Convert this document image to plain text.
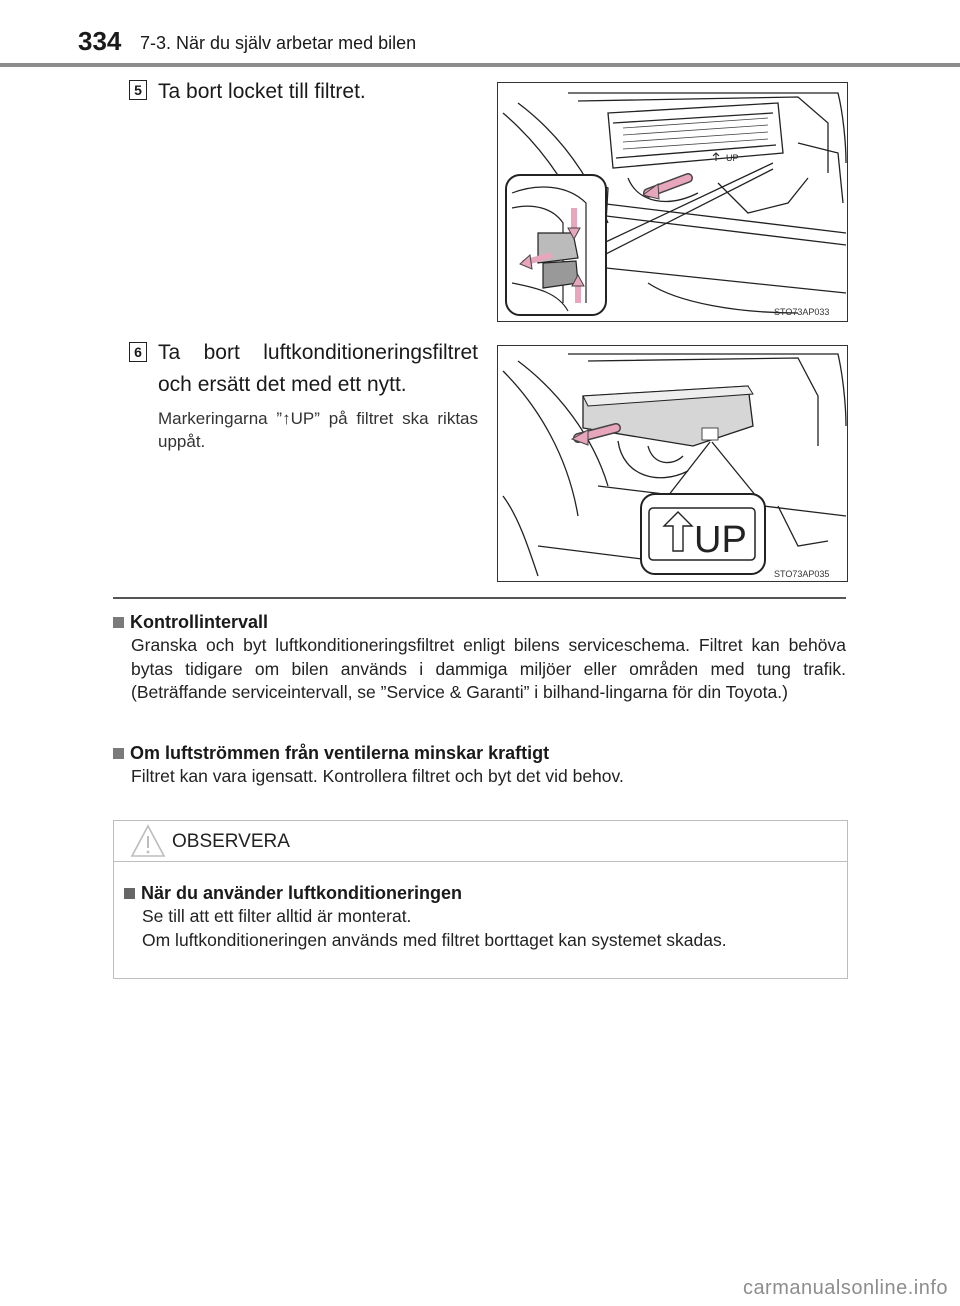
334 7-3. När du själv arbetar med bilen
5 Ta bort locket till filtret.
UP
STO73AP033
6 Ta bort luftkonditioneringsfiltret och ersätt det med ett nytt.
Markeringarna ”↑UP” på filtret ska riktas uppåt.
UP
STO73AP035
Kontrollintervall
Granska och byt luftkonditioneringsfiltret enligt bilens serviceschema. Filtret kan behöva bytas tidigare om bilen används i dammiga miljöer eller områden med tung trafik. (Beträffande serviceintervall, se ”Service & Garanti” i bilhand-lingarna för din Toyota.)
Om luftströmmen från ventilerna minskar kraftigt
Filtret kan vara igensatt. Kontrollera filtret och byt det vid behov.
OBSERVERA
När du använder luftkonditioneringen
Se till att ett filter alltid är monterat.
Om luftkonditioneringen används med filtret borttaget kan systemet skadas.
carmanualsonline.info
